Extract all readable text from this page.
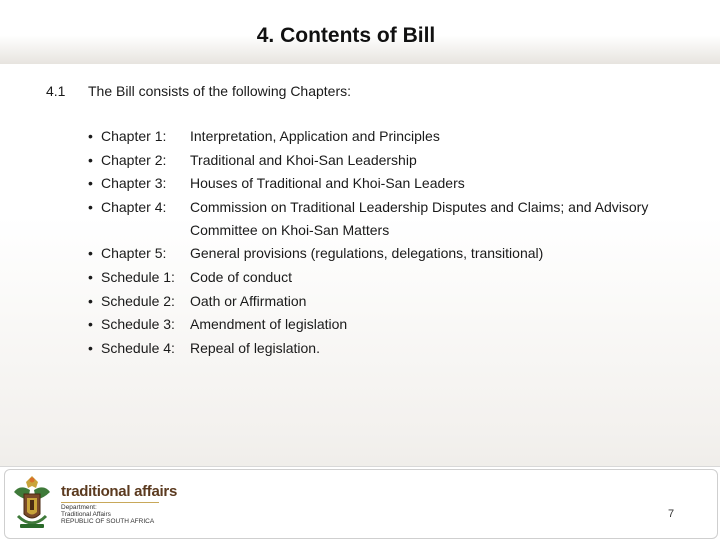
4. Contents of Bill
4.1 The Bill consists of the following Chapters:
• Chapter 1: Interpretation, Application and Principles
• Chapter 2: Traditional and Khoi-San Leadership
• Chapter 3: Houses of Traditional and Khoi-San Leaders
• Chapter 4: Commission on Traditional Leadership Disputes and Claims; and Advisory Committee on Khoi-San Matters
• Chapter 5: General provisions (regulations, delegations, transitional)
• Schedule 1: Code of conduct
• Schedule 2: Oath or Affirmation
• Schedule 3: Amendment of legislation
• Schedule 4: Repeal of legislation.
traditional affairs
Department:
Traditional Affairs
REPUBLIC OF SOUTH AFRICA
7
